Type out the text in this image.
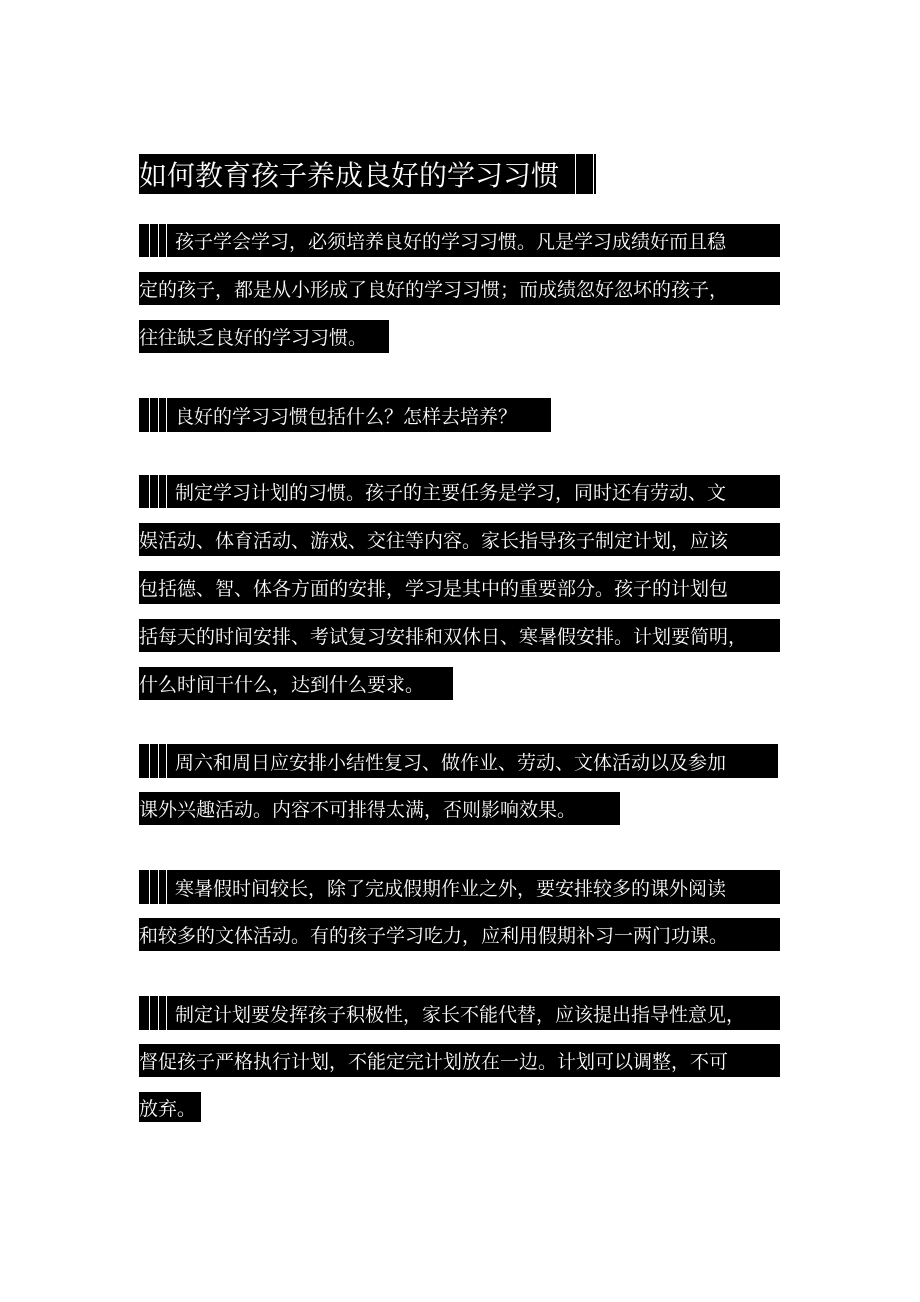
如何教育孩子养成良好的学习习惯
孩子学会学习，必须培养良好的学习习惯。凡是学习成绩好而且稳
定的孩子，都是从小形成了良好的学习习惯；而成绩忽好忽坏的孩子，
往往缺乏良好的学习习惯。
良好的学习习惯包括什么？怎样去培养？
制定学习计划的习惯。孩子的主要任务是学习，同时还有劳动、文
娱活动、体育活动、游戏、交往等内容。家长指导孩子制定计划，应该
包括德、智、体各方面的安排，学习是其中的重要部分。孩子的计划包
括每天的时间安排、考试复习安排和双休日、寒暑假安排。计划要简明，
什么时间干什么，达到什么要求。
周六和周日应安排小结性复习、做作业、劳动、文体活动以及参加
课外兴趣活动。内容不可排得太满，否则影响效果。
寒暑假时间较长，除了完成假期作业之外，要安排较多的课外阅读
和较多的文体活动。有的孩子学习吃力，应利用假期补习一两门功课。
制定计划要发挥孩子积极性，家长不能代替，应该提出指导性意见，
督促孩子严格执行计划，不能定完计划放在一边。计划可以调整，不可
放弃。
